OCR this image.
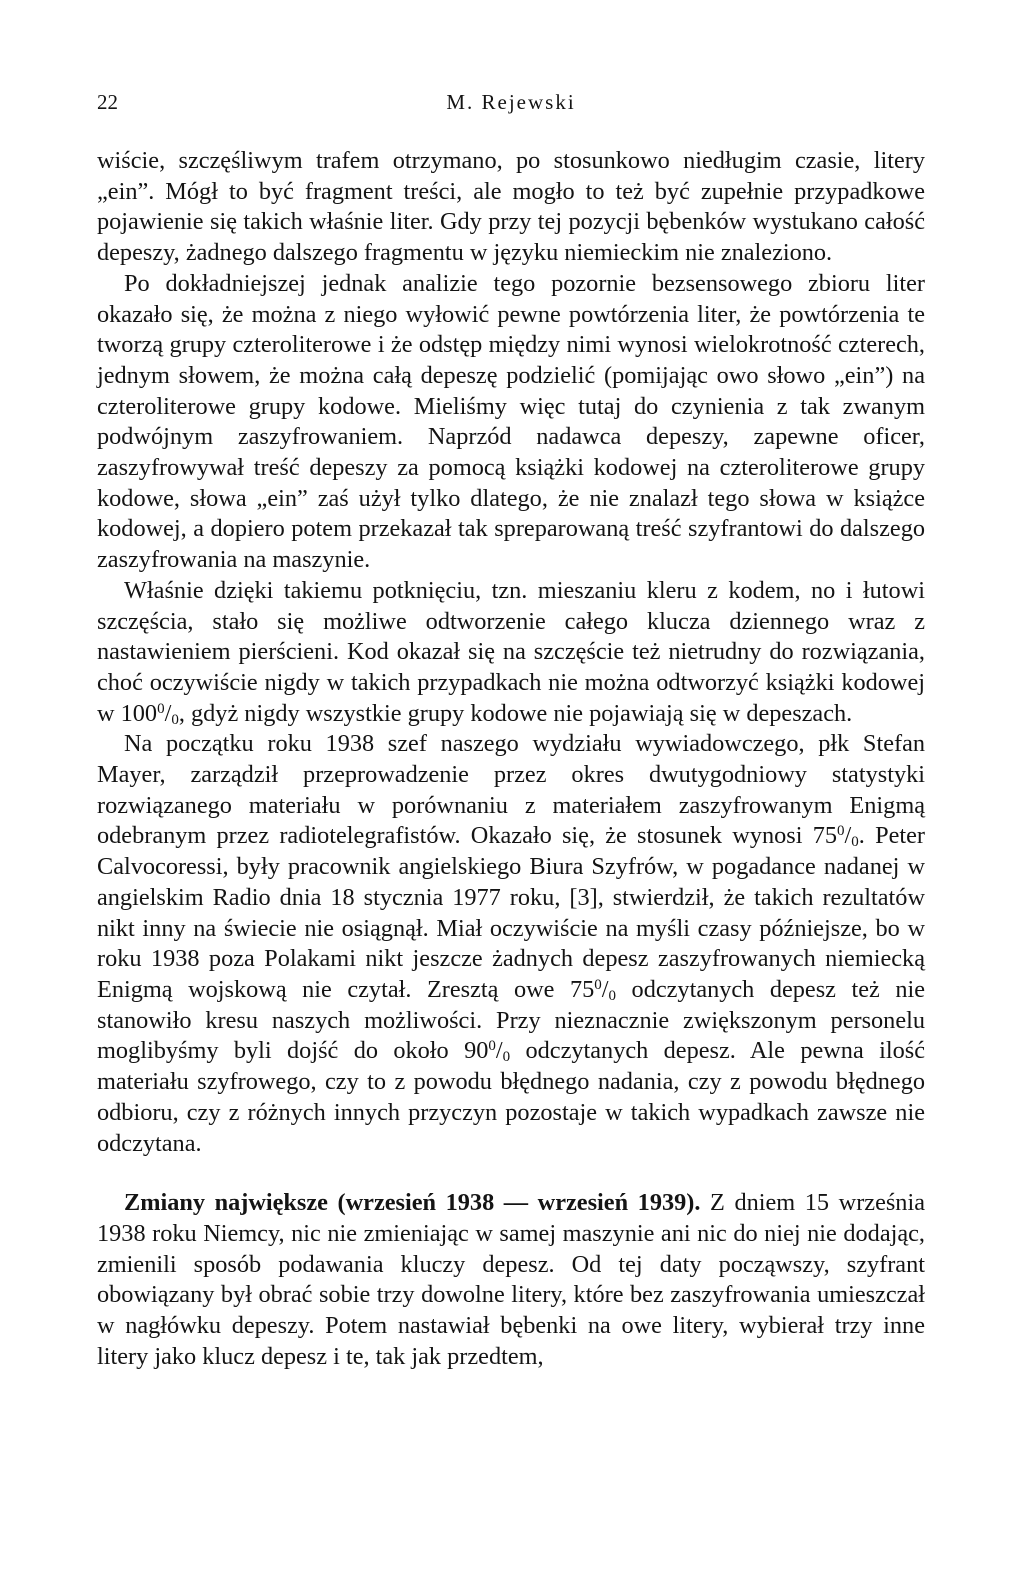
22	M. Rejewski

wiście, szczęśliwym trafem otrzymano, po stosunkowo niedługim czasie, litery „ein”. Mógł to być fragment treści, ale mogło to też być zupełnie przypadkowe pojawienie się takich właśnie liter. Gdy przy tej pozycji bębenków wystukano całość depeszy, żadnego dalszego fragmentu w języku niemieckim nie znaleziono.

Po dokładniejszej jednak analizie tego pozornie bezsensowego zbioru liter okazało się, że można z niego wyłowić pewne powtórzenia liter, że powtórzenia te tworzą grupy czteroliterowe i że odstęp między nimi wynosi wielokrotność czterech, jednym słowem, że można całą depeszę podzielić (pomijając owo słowo „ein”) na czteroliterowe grupy kodowe. Mieliśmy więc tutaj do czynienia z tak zwanym podwójnym zaszyfrowaniem. Naprzód nadawca depeszy, zapewne oficer, zaszyfrowywał treść depeszy za pomocą książki kodowej na czteroliterowe grupy kodowe, słowa „ein” zaś użył tylko dlatego, że nie znalazł tego słowa w książce kodowej, a dopiero potem przekazał tak spreparowaną treść szyfrantowi do dalszego zaszyfrowania na maszynie.

Właśnie dzięki takiemu potknięciu, tzn. mieszaniu kleru z kodem, no i łutowi szczęścia, stało się możliwe odtworzenie całego klucza dziennego wraz z nastawieniem pierścieni. Kod okazał się na szczęście też nietrudny do rozwiązania, choć oczywiście nigdy w takich przypadkach nie można odtworzyć książki kodowej w $100^0/_0$, gdyż nigdy wszystkie grupy kodowe nie pojawiają się w depeszach.

Na początku roku 1938 szef naszego wydziału wywiadowczego, płk Stefan Mayer, zarządził przeprowadzenie przez okres dwutygodniowy statystyki rozwiązanego materiału w porównaniu z materiałem zaszyfrowanym Enigmą odebranym przez radiotelegrafistów. Okazało się, że stosunek wynosi $75^0/_0$. Peter Calvocoressi, były pracownik angielskiego Biura Szyfrów, w pogadance nadanej w angielskim Radio dnia 18 stycznia 1977 roku, [3], stwierdził, że takich rezultatów nikt inny na świecie nie osiągnął. Miał oczywiście na myśli czasy późniejsze, bo w roku 1938 poza Polakami nikt jeszcze żadnych depesz zaszyfrowanych niemiecką Enigmą wojskową nie czytał. Zresztą owe $75^0/_0$ odczytanych depesz też nie stanowiło kresu naszych możliwości. Przy nieznacznie zwiększonym personelu moglibyśmy byli dojść do około $90^0/_0$ odczytanych depesz. Ale pewna ilość materiału szyfrowego, czy to z powodu błędnego nadania, czy z powodu błędnego odbioru, czy z różnych innych przyczyn pozostaje w takich wypadkach zawsze nie odczytana.

Zmiany największe (wrzesień 1938 — wrzesień 1939). Z dniem 15 września 1938 roku Niemcy, nic nie zmieniając w samej maszynie ani nic do niej nie dodając, zmienili sposób podawania kluczy depesz. Od tej daty począwszy, szyfrant obowiązany był obrać sobie trzy dowolne litery, które bez zaszyfrowania umieszczał w nagłówku depeszy. Potem nastawiał bębenki na owe litery, wybierał trzy inne litery jako klucz depesz i te, tak jak przedtem,
